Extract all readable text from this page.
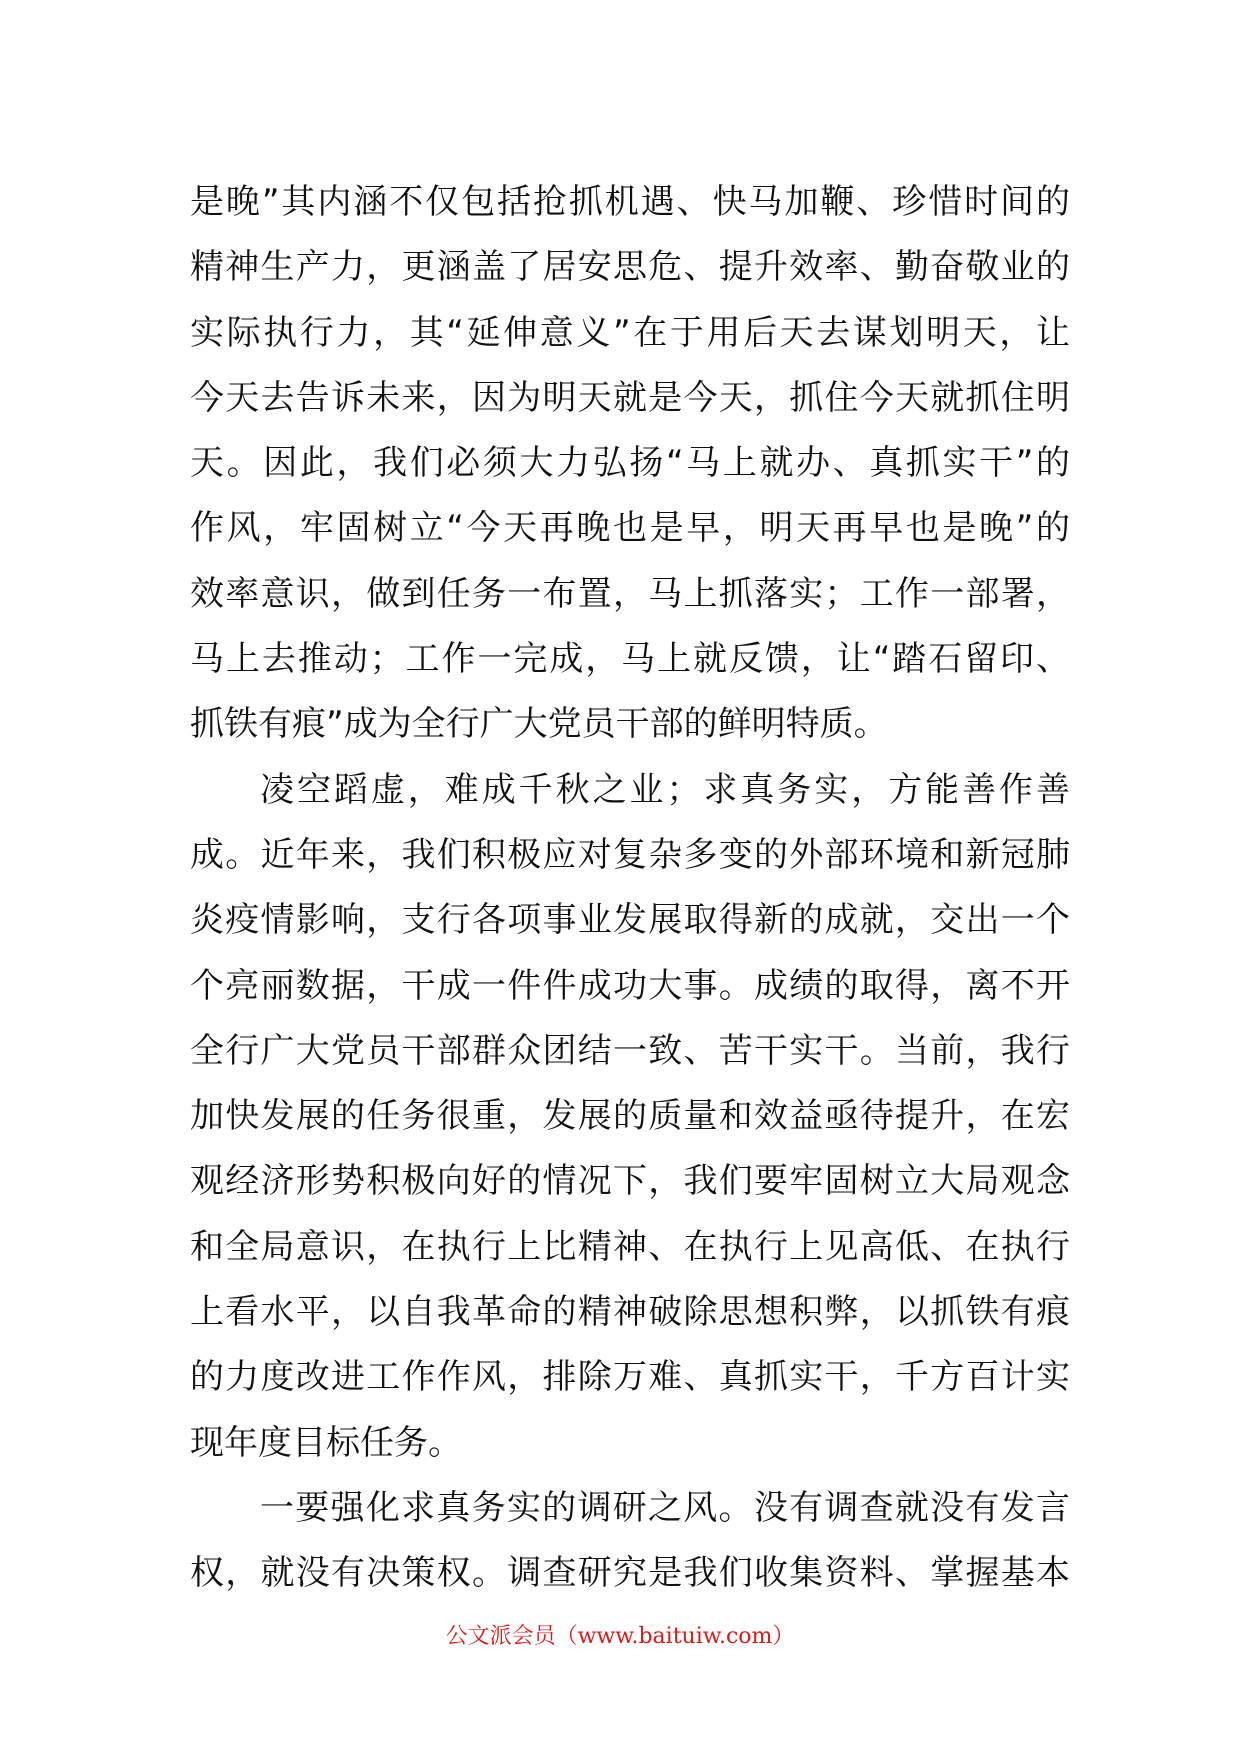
是晚”其内涵不仅包括抢抓机遇、快马加鞭、珍惜时间的
精神生产力，更涵盖了居安思危、提升效率、勤奋敬业的
实际执行力，其“延伸意义”在于用后天去谋划明天，让
今天去告诉未来，因为明天就是今天，抓住今天就抓住明
天。因此，我们必须大力弘扬“马上就办、真抓实干”的
作风，牢固树立“今天再晚也是早，明天再早也是晚”的
效率意识，做到任务一布置，马上抓落实；工作一部署，
马上去推动；工作一完成，马上就反馈，让“踏石留印、
抓铁有痕”成为全行广大党员干部的鲜明特质。
凌空蹈虚，难成千秋之业；求真务实，方能善作善
成。近年来，我们积极应对复杂多变的外部环境和新冠肺
炎疫情影响，支行各项事业发展取得新的成就，交出一个
个亮丽数据，干成一件件成功大事。成绩的取得，离不开
全行广大党员干部群众团结一致、苦干实干。当前，我行
加快发展的任务很重，发展的质量和效益亟待提升，在宏
观经济形势积极向好的情况下，我们要牢固树立大局观念
和全局意识，在执行上比精神、在执行上见高低、在执行
上看水平，以自我革命的精神破除思想积弊，以抓铁有痕
的力度改进工作作风，排除万难、真抓实干，千方百计实
现年度目标任务。
一要强化求真务实的调研之风。没有调查就没有发言
权，就没有决策权。调查研究是我们收集资料、掌握基本
公文派会员（www.baituiw.com）
